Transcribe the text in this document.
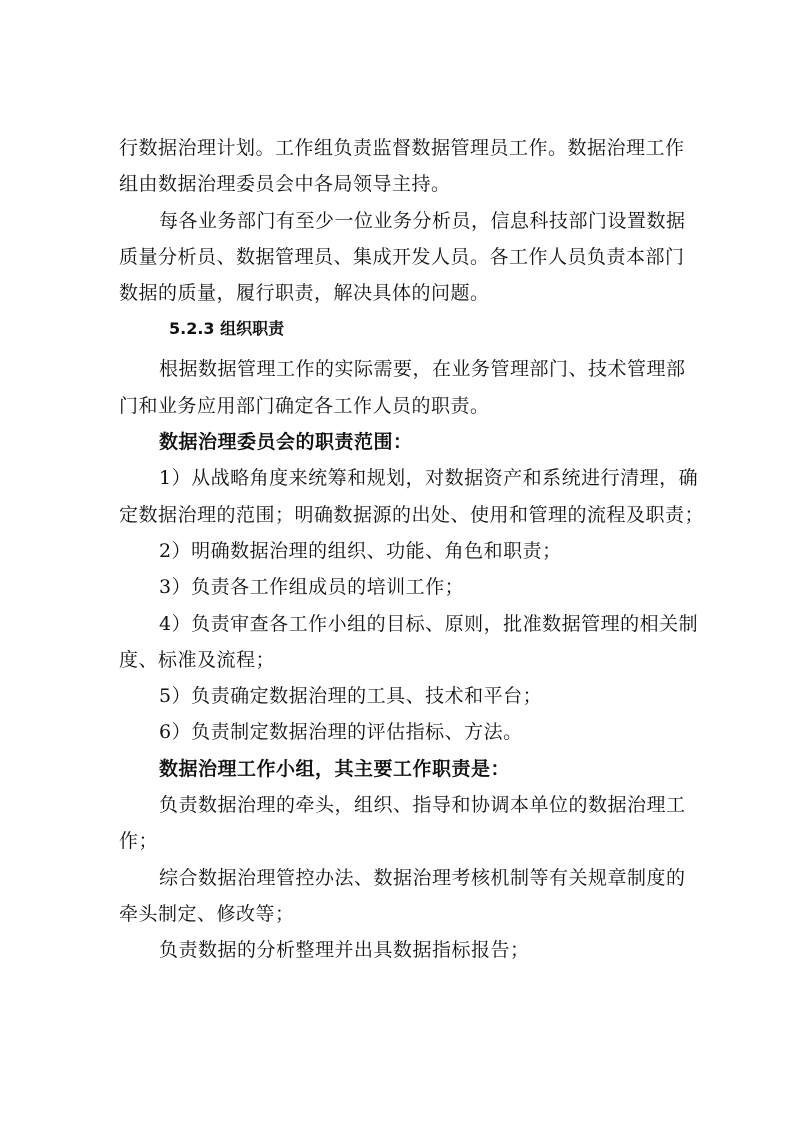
行数据治理计划。工作组负责监督数据管理员工作。数据治理工作
组由数据治理委员会中各局领导主持。
每各业务部门有至少一位业务分析员，信息科技部门设置数据
质量分析员、数据管理员、集成开发人员。各工作人员负责本部门
数据的质量，履行职责，解决具体的问题。
5.2.3 组织职责
根据数据管理工作的实际需要，在业务管理部门、技术管理部
门和业务应用部门确定各工作人员的职责。
数据治理委员会的职责范围：
1）从战略角度来统筹和规划，对数据资产和系统进行清理，确
定数据治理的范围；明确数据源的出处、使用和管理的流程及职责；
2）明确数据治理的组织、功能、角色和职责；
3）负责各工作组成员的培训工作；
4）负责审查各工作小组的目标、原则，批准数据管理的相关制
度、标准及流程；
5）负责确定数据治理的工具、技术和平台；
6）负责制定数据治理的评估指标、方法。
数据治理工作小组，其主要工作职责是：
负责数据治理的牵头，组织、指导和协调本单位的数据治理工
作；
综合数据治理管控办法、数据治理考核机制等有关规章制度的
牵头制定、修改等；
负责数据的分析整理并出具数据指标报告；
